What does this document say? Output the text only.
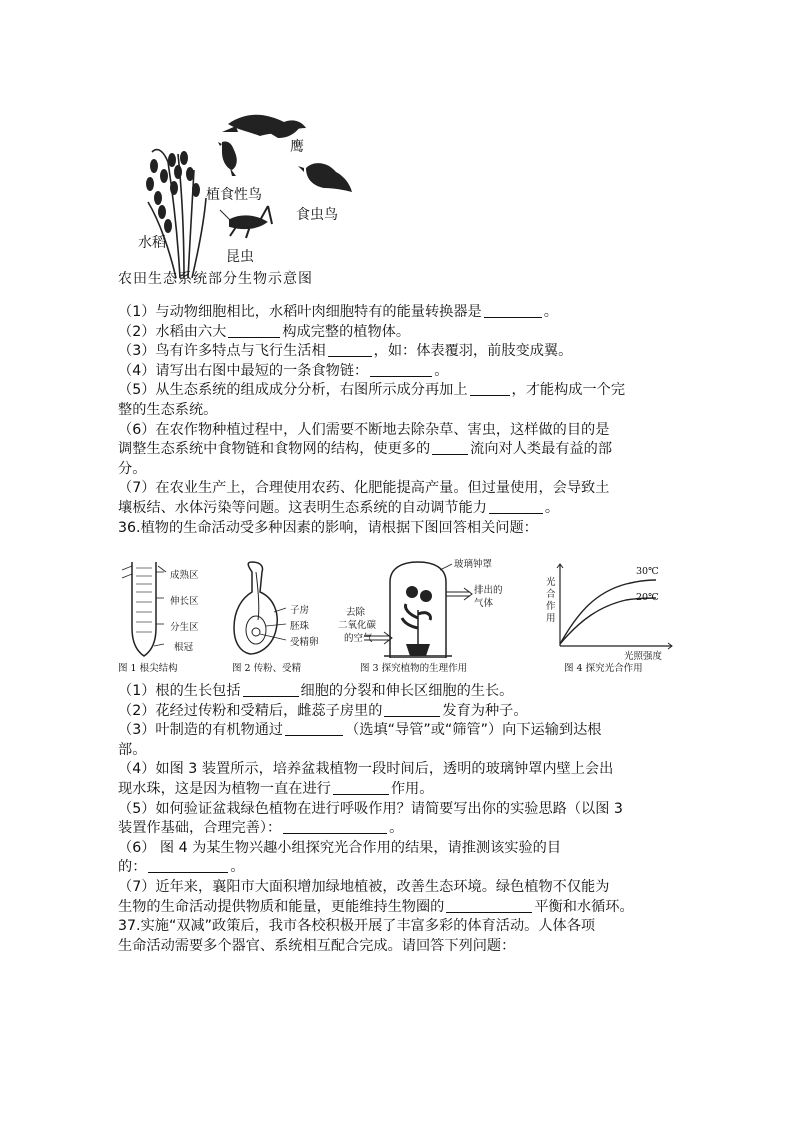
鹰
植食性鸟
食虫鸟
水稻
昆虫
农田生态系统部分生物示意图

（1）与动物细胞相比，水稻叶肉细胞特有的能量转换器是	。

（2）水稻由六大	构成完整的植物体。

（3）鸟有许多特点与飞行生活相	，如：体表覆羽，前肢变成翼。

（4）请写出右图中最短的一条食物链：	。

（5）从生态系统的组成成分分析，右图所示成分再加上	，才能构成一个完

整的生态系统。

（6）在农作物种植过程中，人们需要不断地去除杂草、害虫，这样做的目的是

调整生态系统中食物链和食物网的结构，使更多的	流向对人类最有益的部

分。

（7）在农业生产上，合理使用农药、化肥能提高产量。但过量使用，会导致土

壤板结、水体污染等问题。这表明生态系统的自动调节能力	。

36.植物的生命活动受多种因素的影响，请根据下图回答相关问题：

成熟区
伸长区
分生区
根冠
图 1 根尖结构
子房
胚珠
受精卵
图 2 传粉、受精
玻璃钟罩
排出的
气体
去除
二氧化碳
的空气
图 3 探究植物的生理作用
30℃
20℃
光
合
作
用
光照强度
图 4 探究光合作用

（1）根的生长包括	细胞的分裂和伸长区细胞的生长。

（2）花经过传粉和受精后，雌蕊子房里的	发育为种子。

（3）叶制造的有机物通过	（选填“导管”或“筛管”）向下运输到达根

部。

（4）如图 3 装置所示，培养盆栽植物一段时间后，透明的玻璃钟罩内壁上会出

现水珠，这是因为植物一直在进行	作用。

（5）如何验证盆栽绿色植物在进行呼吸作用？请简要写出你的实验思路（以图 3

装置作基础，合理完善）：	。

（6） 图 4 为某生物兴趣小组探究光合作用的结果，请推测该实验的目

的：	。

（7）近年来，襄阳市大面积增加绿地植被，改善生态环境。绿色植物不仅能为

生物的生命活动提供物质和能量，更能维持生物圈的	平衡和水循环。

37.实施“双减”政策后，我市各校积极开展了丰富多彩的体育活动。人体各项

生命活动需要多个器官、系统相互配合完成。请回答下列问题：
